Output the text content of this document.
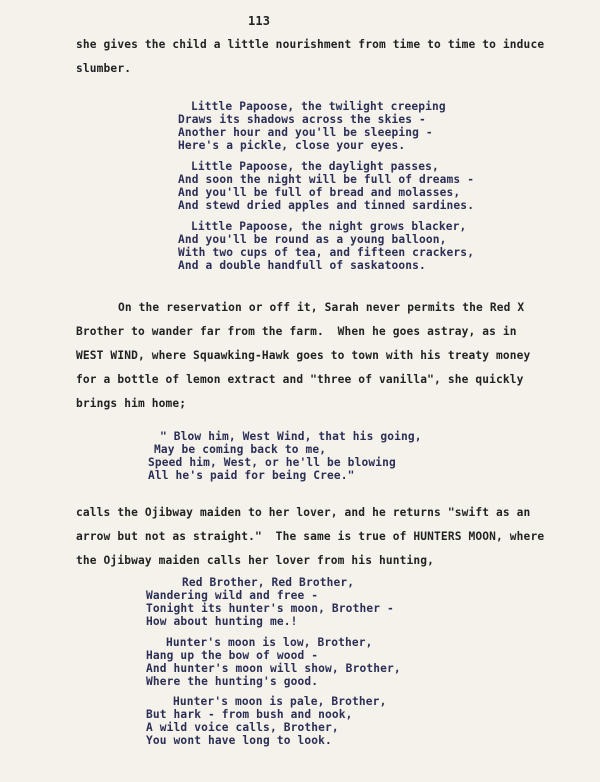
113
she gives the child a little nourishment from time to time to induce
slumber.
Little Papoose, the twilight creeping
Draws its shadows across the skies -
Another hour and you'll be sleeping -
Here's a pickle, close your eyes.
Little Papoose, the daylight passes,
And soon the night will be full of dreams -
And you'll be full of bread and molasses,
And stewd dried apples and tinned sardines.
Little Papoose, the night grows blacker,
And you'll be round as a young balloon,
With two cups of tea, and fifteen crackers,
And a double handfull of saskatoons.
On the reservation or off it, Sarah never permits the Red X
Brother to wander far from the farm.  When he goes astray, as in
WEST WIND, where Squawking-Hawk goes to town with his treaty money
for a bottle of lemon extract and "three of vanilla", she quickly
brings him home;
" Blow him, West Wind, that his going,
May be coming back to me,
Speed him, West, or he'll be blowing
All he's paid for being Cree."
calls the Ojibway maiden to her lover, and he returns "swift as an
arrow but not as straight."  The same is true of HUNTERS MOON, where
the Ojibway maiden calls her lover from his hunting,
Red Brother, Red Brother,
Wandering wild and free -
Tonight its hunter's moon, Brother -
How about hunting me.!
Hunter's moon is low, Brother,
Hang up the bow of wood -
And hunter's moon will show, Brother,
Where the hunting's good.
Hunter's moon is pale, Brother,
But hark - from bush and nook,
A wild voice calls, Brother,
You wont have long to look.
